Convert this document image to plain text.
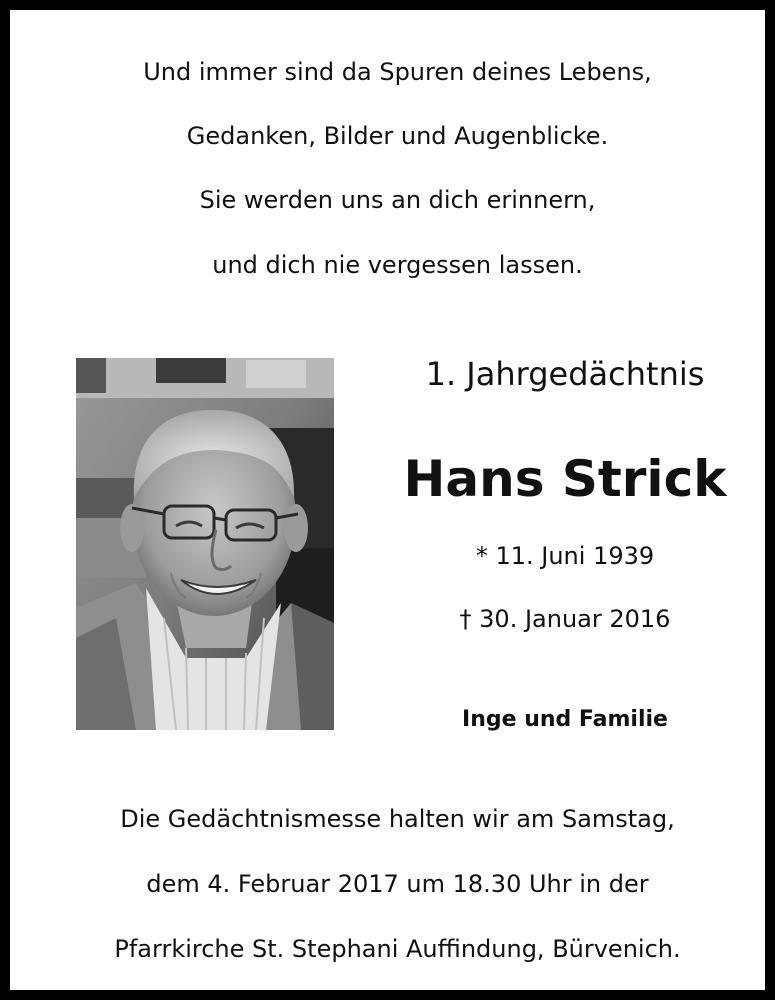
Und immer sind da Spuren deines Lebens,
Gedanken, Bilder und Augenblicke.
Sie werden uns an dich erinnern,
und dich nie vergessen lassen.
1. Jahrgedächtnis
Hans Strick
* 11. Juni 1939
† 30. Januar 2016
Inge und Familie
Die Gedächtnismesse halten wir am Samstag,
dem 4. Februar 2017 um 18.30 Uhr in der
Pfarrkirche St. Stephani Auffindung, Bürvenich.
